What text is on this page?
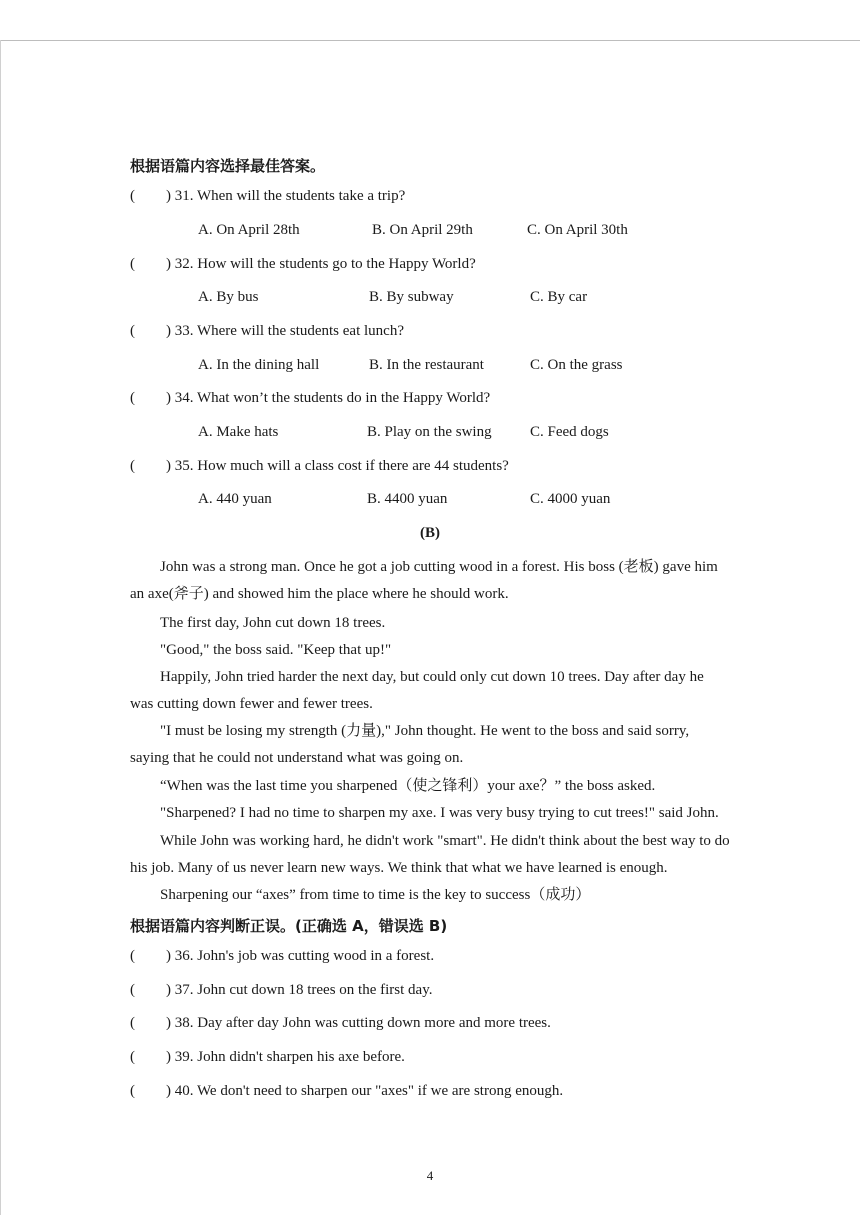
根据语篇内容选择最佳答案。
( ) 31. When will the students take a trip?
A. On April 28th	B. On April 29th	C. On April 30th
( ) 32. How will the students go to the Happy World?
A. By bus	B. By subway	C. By car
( ) 33. Where will the students eat lunch?
A. In the dining hall	B. In the restaurant	C. On the grass
( ) 34. What won’t the students do in the Happy World?
A. Make hats	B. Play on the swing	C. Feed dogs
( ) 35. How much will a class cost if there are 44 students?
A. 440 yuan	B. 4400 yuan	C. 4000 yuan
(B)
John was a strong man. Once he got a job cutting wood in a forest. His boss (老板) gave him an axe(斧子) and showed him the place where he should work.
The first day, John cut down 18 trees.
"Good," the boss said. "Keep that up!"
Happily, John tried harder the next day, but could only cut down 10 trees. Day after day he was cutting down fewer and fewer trees.
"I must be losing my strength (力量)," John thought. He went to the boss and said sorry, saying that he could not understand what was going on.
“When was the last time you sharpened（使之锋利）your axe？” the boss asked.
"Sharpened? I had no time to sharpen my axe. I was very busy trying to cut trees!" said John.
While John was working hard, he didn't work "smart". He didn't think about the best way to do his job. Many of us never learn new ways. We think that what we have learned is enough.
Sharpening our “axes” from time to time is the key to success（成功）
根据语篇内容判断正误。(正确选 A，错误选 B)
( ) 36. John's job was cutting wood in a forest.
( ) 37. John cut down 18 trees on the first day.
( ) 38. Day after day John was cutting down more and more trees.
( ) 39. John didn't sharpen his axe before.
( ) 40. We don't need to sharpen our "axes" if we are strong enough.
4
